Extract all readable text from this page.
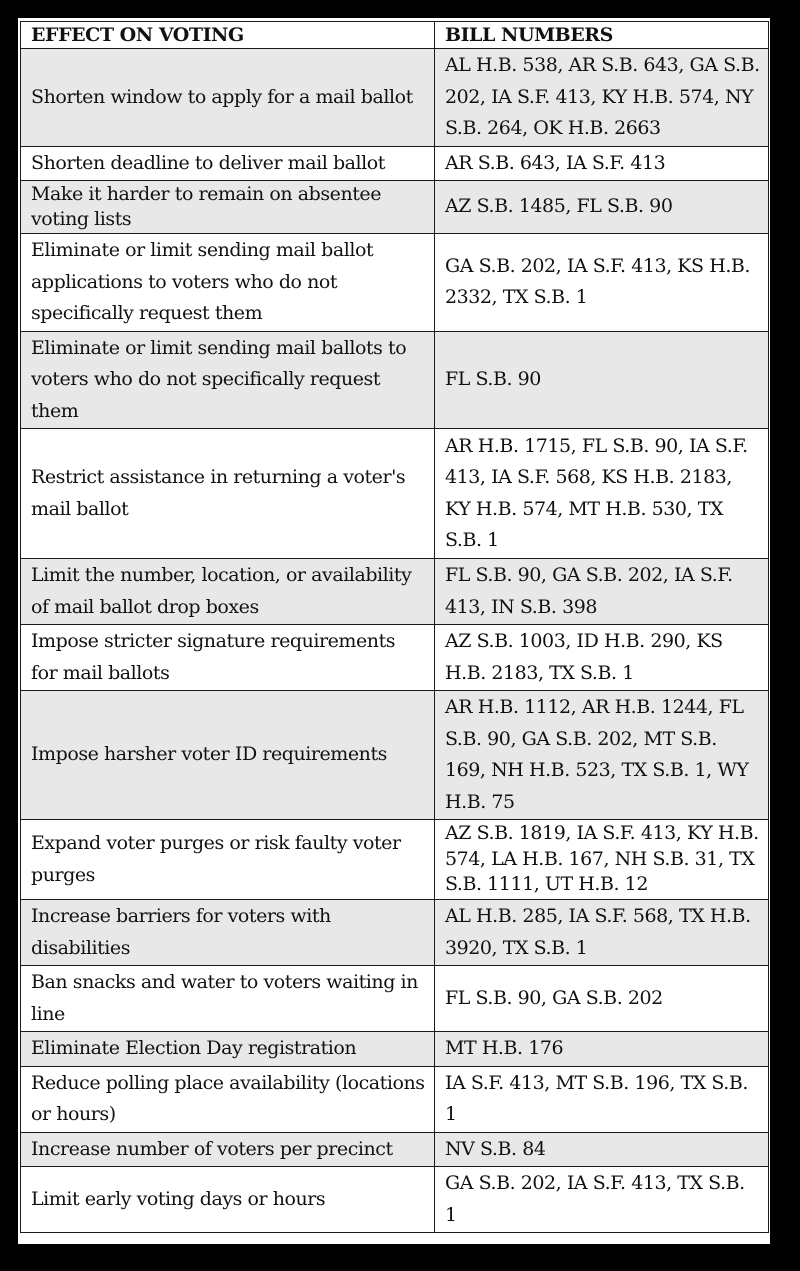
EFFECT ON VOTING	BILL NUMBERS
Shorten window to apply for a mail ballot	AL H.B. 538, AR S.B. 643, GA S.B. 202, IA S.F. 413, KY H.B. 574, NY S.B. 264, OK H.B. 2663
Shorten deadline to deliver mail ballot	AR S.B. 643, IA S.F. 413
Make it harder to remain on absentee voting lists	AZ S.B. 1485, FL S.B. 90
Eliminate or limit sending mail ballot applications to voters who do not specifically request them	GA S.B. 202, IA S.F. 413, KS H.B. 2332, TX S.B. 1
Eliminate or limit sending mail ballots to voters who do not specifically request them	FL S.B. 90
Restrict assistance in returning a voter's mail ballot	AR H.B. 1715, FL S.B. 90, IA S.F. 413, IA S.F. 568, KS H.B. 2183, KY H.B. 574, MT H.B. 530, TX S.B. 1
Limit the number, location, or availability of mail ballot drop boxes	FL S.B. 90, GA S.B. 202, IA S.F. 413, IN S.B. 398
Impose stricter signature requirements for mail ballots	AZ S.B. 1003, ID H.B. 290, KS H.B. 2183, TX S.B. 1
Impose harsher voter ID requirements	AR H.B. 1112, AR H.B. 1244, FL S.B. 90, GA S.B. 202, MT S.B. 169, NH H.B. 523, TX S.B. 1, WY H.B. 75
Expand voter purges or risk faulty voter purges	AZ S.B. 1819, IA S.F. 413, KY H.B. 574, LA H.B. 167, NH S.B. 31, TX S.B. 1111, UT H.B. 12
Increase barriers for voters with disabilities	AL H.B. 285, IA S.F. 568, TX H.B. 3920, TX S.B. 1
Ban snacks and water to voters waiting in line	FL S.B. 90, GA S.B. 202
Eliminate Election Day registration	MT H.B. 176
Reduce polling place availability (locations or hours)	IA S.F. 413, MT S.B. 196, TX S.B. 1
Increase number of voters per precinct	NV S.B. 84
Limit early voting days or hours	GA S.B. 202, IA S.F. 413, TX S.B. 1
